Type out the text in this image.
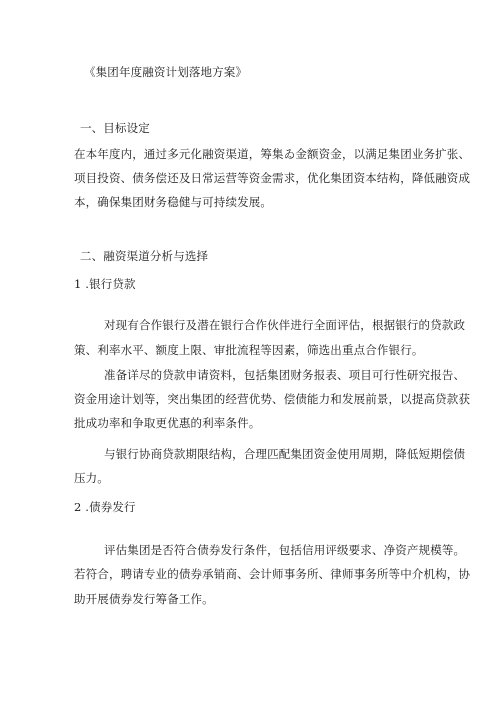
《集团年度融资计划落地方案》
一、目标设定
在本年度内，通过多元化融资渠道，筹集ゐ金额资金，以满足集团业务扩张、
项目投资、债务偿还及日常运营等资金需求，优化集团资本结构，降低融资成
本，确保集团财务稳健与可持续发展。
二、融资渠道分析与选择
1 .银行贷款
对现有合作银行及潜在银行合作伙伴进行全面评估，根据银行的贷款政
策、利率水平、额度上限、审批流程等因素，筛选出重点合作银行。
准备详尽的贷款申请资料，包括集团财务报表、项目可行性研究报告、
资金用途计划等，突出集团的经营优势、偿债能力和发展前景，以提高贷款获
批成功率和争取更优惠的利率条件。
与银行协商贷款期限结构，合理匹配集团资金使用周期，降低短期偿债
压力。
2 .债券发行
评估集团是否符合债券发行条件，包括信用评级要求、净资产规模等。
若符合，聘请专业的债券承销商、会计师事务所、律师事务所等中介机构，协
助开展债券发行筹备工作。
